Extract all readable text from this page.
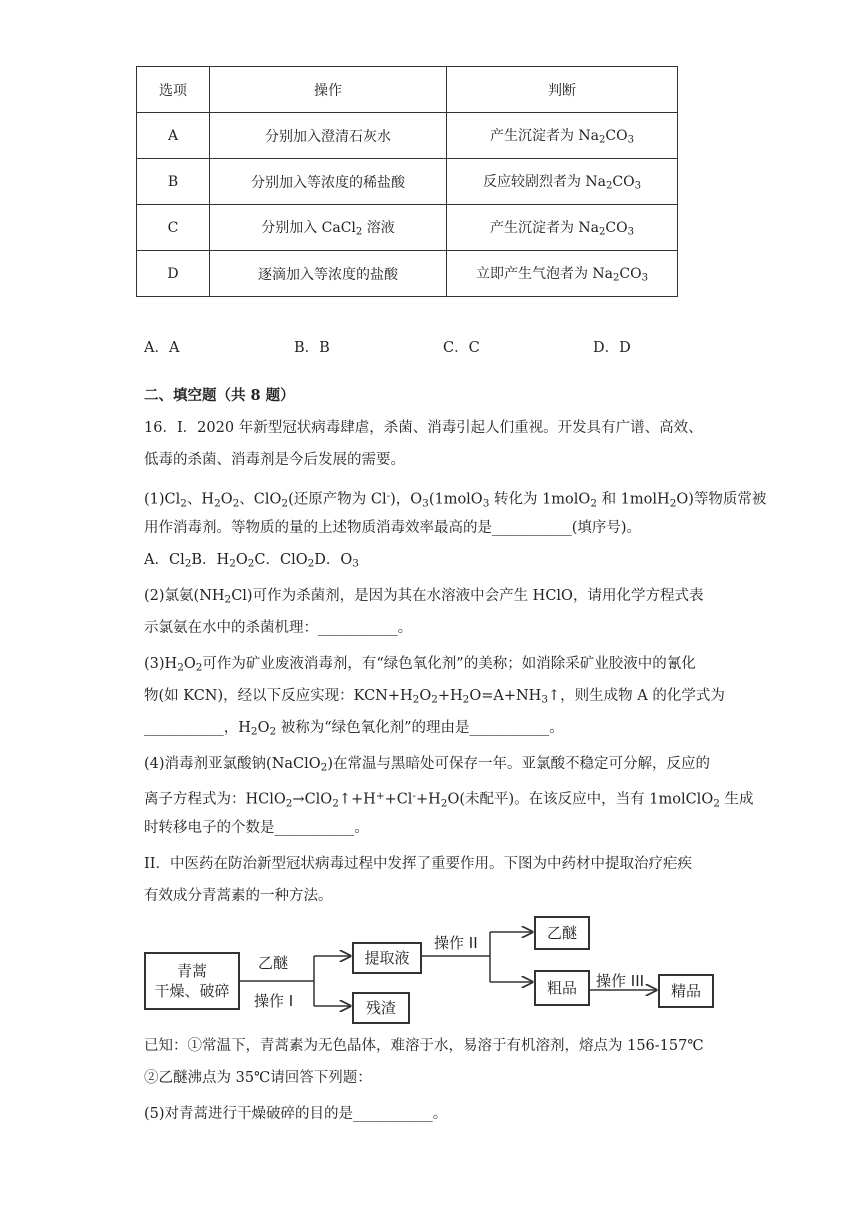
选项	操作	判断
A	分别加入澄清石灰水	产生沉淀者为 $Na_2CO_3$
B	分别加入等浓度的稀盐酸	反应较剧烈者为 $Na_2CO_3$
C	分别加入 CaCl$_2$ 溶液	产生沉淀者为 $Na_2CO_3$
D	逐滴加入等浓度的盐酸	立即产生气泡者为 $Na_2CO_3$
A．A	B．B	C．C	D．D
二、填空题（共 8 题）
16．I．2020 年新型冠状病毒肆虐，杀菌、消毒引起人们重视。开发具有广谱、高效、
低毒的杀菌、消毒剂是今后发展的需要。
$(1)Cl_2$、$H_2O_2$、ClO$_2$(还原产物为 Cl-)，$O_3(1molO_3$ 转化为 1molO$_2$ 和 1molH$_2$O)等物质常被
用作消毒剂。等物质的量的上述物质消毒效率最高的是___________(填序号)。
A．$Cl_2B$．$H_2O_2C$．ClO$_2$D．$O_3$
(2)氯氨$(NH_2Cl)$可作为杀菌剂，是因为其在水溶液中会产生 HClO，请用化学方程式表
示氯氨在水中的杀菌机理：___________。
$(3)H_2O_2$可作为矿业废液消毒剂，有“绿色氧化剂”的美称；如消除采矿业胶液中的氰化
物(如 KCN)，经以下反应实现：$KCN+H_2O_2+H_2O=A+NH_3↑$，则生成物 A 的化学式为
___________，$H_2O_2$ 被称为“绿色氧化剂”的理由是___________。
(4)消毒剂亚氯酸钠(NaClO$_2$)在常温与黑暗处可保存一年。亚氯酸不稳定可分解，反应的
离子方程式为：$HClO_2\to ClO_2↑+H^++Cl^-+H_2O$(未配平)。在该反应中，当有 1molClO$_2$ 生成
时转移电子的个数是___________。
II．中医药在防治新型冠状病毒过程中发挥了重要作用。下图为中药材中提取治疗疟疾
有效成分青蒿素的一种方法。
青蒿
干燥、破碎
乙醚
操作 I
提取液
残渣
操作 II
乙醚
粗品	操作 III
精品
已知：①常温下，青蒿素为无色晶体，难溶于水，易溶于有机溶剂，熔点为 156-157℃
②乙醚沸点为 35℃请回答下列题：
(5)对青蒿进行干燥破碎的目的是___________。
